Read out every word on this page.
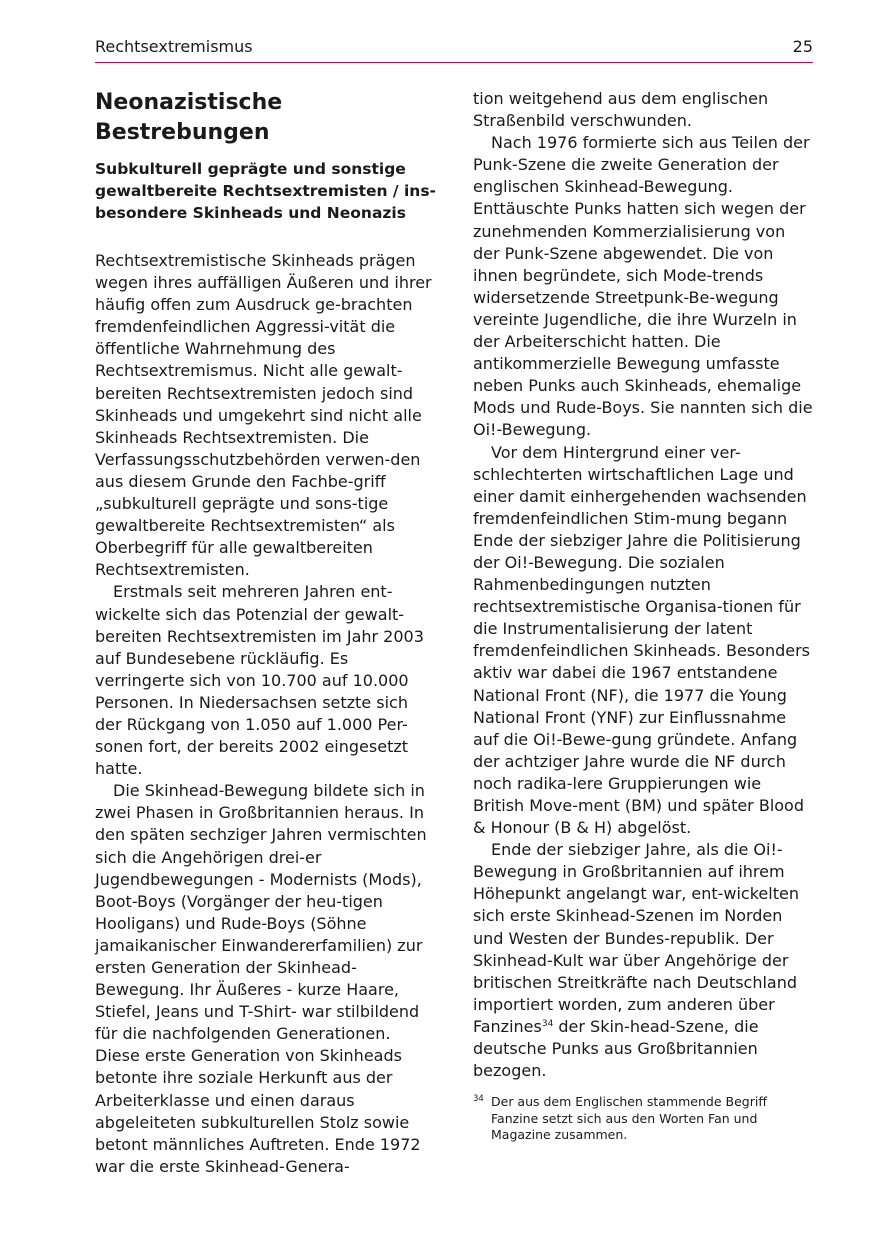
Rechtsextremismus	25
Neonazistische Bestrebungen
Subkulturell geprägte und sonstige gewaltbereite Rechtsextremisten / ins-besondere Skinheads und Neonazis

Rechtsextremistische Skinheads prägen wegen ihres auffälligen Äußeren und ihrer häufig offen zum Ausdruck ge-brachten fremdenfeindlichen Aggressi-vität die öffentliche Wahrnehmung des Rechtsextremismus. Nicht alle gewalt-bereiten Rechtsextremisten jedoch sind Skinheads und umgekehrt sind nicht alle Skinheads Rechtsextremisten. Die Verfassungsschutzbehörden verwen-den aus diesem Grunde den Fachbe-griff „subkulturell geprägte und sons-tige gewaltbereite Rechtsextremisten“ als Oberbegriff für alle gewaltbereiten Rechtsextremisten.

Erstmals seit mehreren Jahren ent-wickelte sich das Potenzial der gewalt-bereiten Rechtsextremisten im Jahr 2003 auf Bundesebene rückläufig. Es verringerte sich von 10.700 auf 10.000 Personen. In Niedersachsen setzte sich der Rückgang von 1.050 auf 1.000 Per-sonen fort, der bereits 2002 eingesetzt hatte.

Die Skinhead-Bewegung bildete sich in zwei Phasen in Großbritannien heraus. In den späten sechziger Jahren vermischten sich die Angehörigen drei-er Jugendbewegungen - Modernists (Mods), Boot-Boys (Vorgänger der heu-tigen Hooligans) und Rude-Boys (Söhne jamaikanischer Einwandererfamilien) zur ersten Generation der Skinhead-Bewegung. Ihr Äußeres - kurze Haare, Stiefel, Jeans und T-Shirt- war stilbildend für die nachfolgenden Generationen. Diese erste Generation von Skinheads betonte ihre soziale Herkunft aus der Arbeiterklasse und einen daraus abgeleiteten subkulturellen Stolz sowie betont männliches Auftreten. Ende 1972 war die erste Skinhead-Genera-

tion weitgehend aus dem englischen Straßenbild verschwunden.

Nach 1976 formierte sich aus Teilen der Punk-Szene die zweite Generation der englischen Skinhead-Bewegung. Enttäuschte Punks hatten sich wegen der zunehmenden Kommerzialisierung von der Punk-Szene abgewendet. Die von ihnen begründete, sich Mode-trends widersetzende Streetpunk-Be-wegung vereinte Jugendliche, die ihre Wurzeln in der Arbeiterschicht hatten. Die antikommerzielle Bewegung umfasste neben Punks auch Skinheads, ehemalige Mods und Rude-Boys. Sie nannten sich die Oi!-Bewegung.

Vor dem Hintergrund einer ver-schlechterten wirtschaftlichen Lage und einer damit einhergehenden wachsenden fremdenfeindlichen Stim-mung begann Ende der siebziger Jahre die Politisierung der Oi!-Bewegung. Die sozialen Rahmenbedingungen nutzten rechtsextremistische Organisa-tionen für die Instrumentalisierung der latent fremdenfeindlichen Skinheads. Besonders aktiv war dabei die 1967 entstandene National Front (NF), die 1977 die Young National Front (YNF) zur Einflussnahme auf die Oi!-Bewe-gung gründete. Anfang der achtziger Jahre wurde die NF durch noch radika-lere Gruppierungen wie British Move-ment (BM) und später Blood & Honour (B & H) abgelöst.

Ende der siebziger Jahre, als die Oi!-Bewegung in Großbritannien auf ihrem Höhepunkt angelangt war, ent-wickelten sich erste Skinhead-Szenen im Norden und Westen der Bundes-republik. Der Skinhead-Kult war über Angehörige der britischen Streitkräfte nach Deutschland importiert worden, zum anderen über Fanzines$^{34}$ der Skin-head-Szene, die deutsche Punks aus Großbritannien bezogen.

34 Der aus dem Englischen stammende Begriff Fanzine setzt sich aus den Worten Fan und Magazine zusammen.
